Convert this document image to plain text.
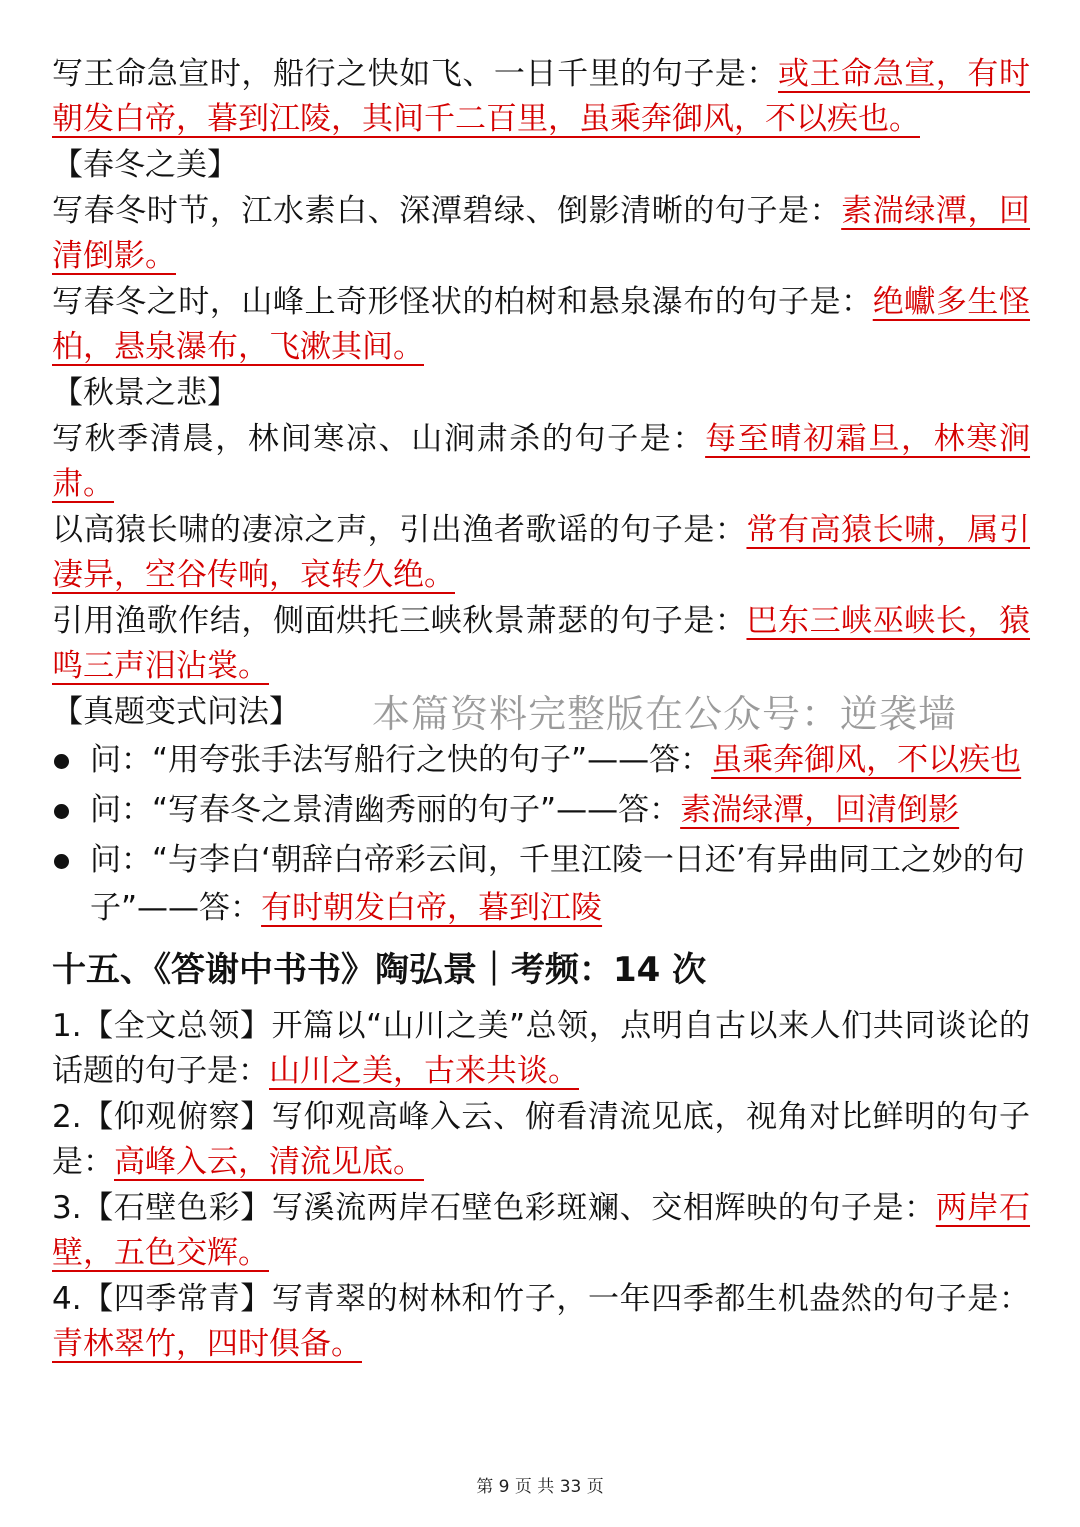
写王命急宣时，船行之快如飞、一日千里的句子是：或王命急宣，有时朝发白帝，暮到江陵，其间千二百里，虽乘奔御风，不以疾也。

【春冬之美】

写春冬时节，江水素白、深潭碧绿、倒影清晰的句子是：素湍绿潭，回清倒影。

写春冬之时，山峰上奇形怪状的柏树和悬泉瀑布的句子是：绝巘多生怪柏，悬泉瀑布，飞漱其间。

【秋景之悲】

写秋季清晨，林间寒凉、山涧肃杀的句子是：每至晴初霜旦，林寒涧肃。

以高猿长啸的凄凉之声，引出渔者歌谣的句子是：常有高猿长啸，属引凄异，空谷传响，哀转久绝。

引用渔歌作结，侧面烘托三峡秋景萧瑟的句子是：巴东三峡巫峡长，猿鸣三声泪沾裳。

【真题变式问法】

问：“用夸张手法写船行之快的句子”——答：虽乘奔御风，不以疾也
问：“写春冬之景清幽秀丽的句子”——答：素湍绿潭，回清倒影
问：“与李白‘朝辞白帝彩云间，千里江陵一日还’有异曲同工之妙的句子”——答：有时朝发白帝，暮到江陵
十五、《答谢中书书》陶弘景｜考频：14 次

1.【全文总领】开篇以“山川之美”总领，点明自古以来人们共同谈论的话题的句子是：山川之美，古来共谈。

2.【仰观俯察】写仰观高峰入云、俯看清流见底，视角对比鲜明的句子是：高峰入云，清流见底。

3.【石壁色彩】写溪流两岸石壁色彩斑斓、交相辉映的句子是：两岸石壁，五色交辉。

4.【四季常青】写青翠的树林和竹子，一年四季都生机盎然的句子是：青林翠竹，四时俱备。

本篇资料完整版在公众号：逆袭墙
第 9 页 共 33 页
